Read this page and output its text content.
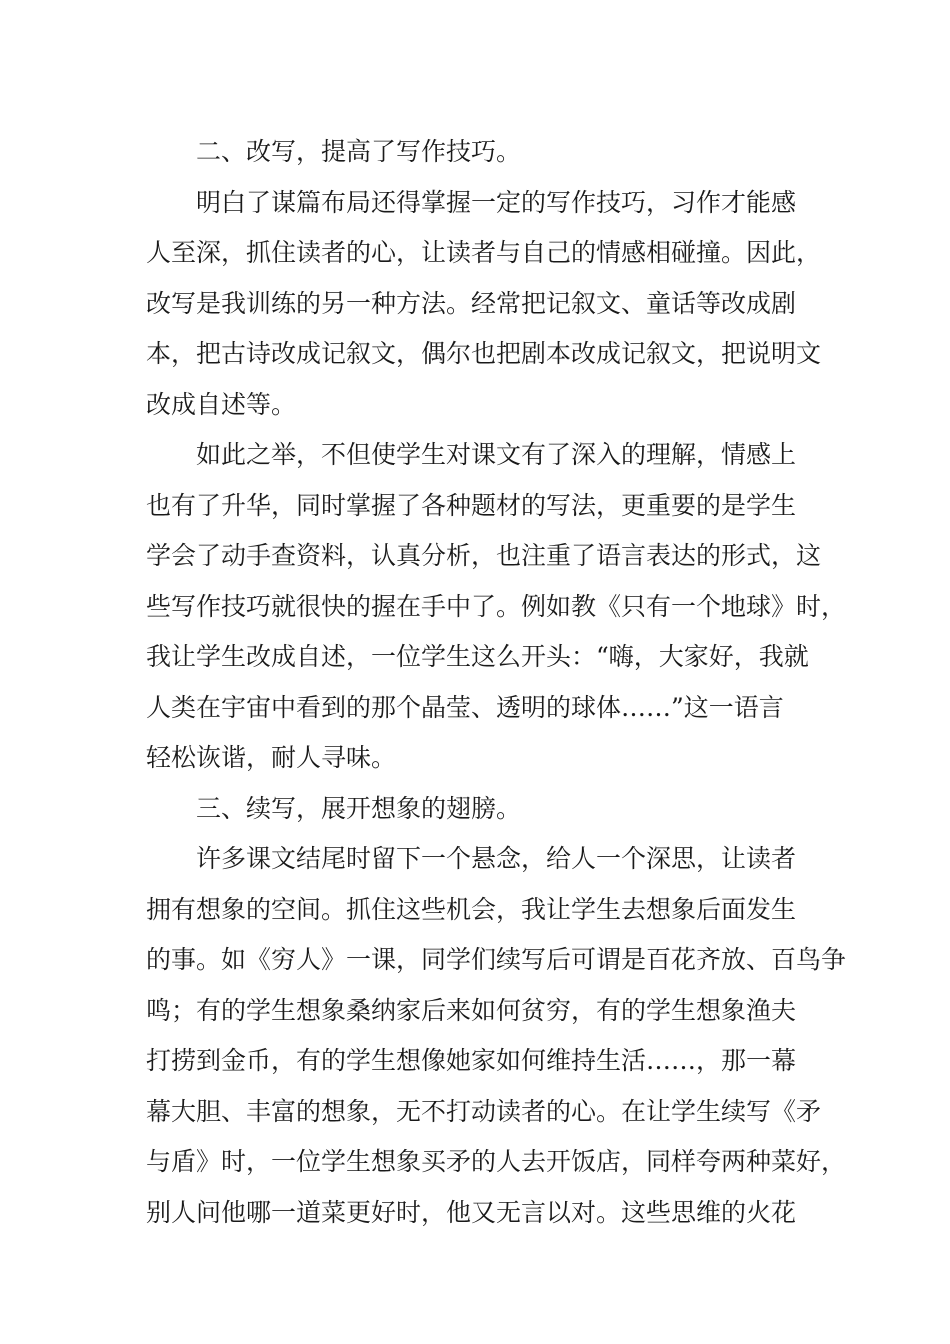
二、改写，提高了写作技巧。
明白了谋篇布局还得掌握一定的写作技巧，习作才能感
人至深，抓住读者的心，让读者与自己的情感相碰撞。因此，
改写是我训练的另一种方法。经常把记叙文、童话等改成剧
本，把古诗改成记叙文，偶尔也把剧本改成记叙文，把说明文
改成自述等。
如此之举，不但使学生对课文有了深入的理解，情感上
也有了升华，同时掌握了各种题材的写法，更重要的是学生
学会了动手查资料，认真分析，也注重了语言表达的形式，这
些写作技巧就很快的握在手中了。例如教《只有一个地球》时，
我让学生改成自述，一位学生这么开头：“嗨，大家好，我就
人类在宇宙中看到的那个晶莹、透明的球体……”这一语言
轻松诙谐，耐人寻味。
三、续写，展开想象的翅膀。
许多课文结尾时留下一个悬念，给人一个深思，让读者
拥有想象的空间。抓住这些机会，我让学生去想象后面发生
的事。如《穷人》一课，同学们续写后可谓是百花齐放、百鸟争
鸣；有的学生想象桑纳家后来如何贫穷，有的学生想象渔夫
打捞到金币，有的学生想像她家如何维持生活……，那一幕
幕大胆、丰富的想象，无不打动读者的心。在让学生续写《矛
与盾》时，一位学生想象买矛的人去开饭店，同样夸两种菜好，
别人问他哪一道菜更好时，他又无言以对。这些思维的火花
